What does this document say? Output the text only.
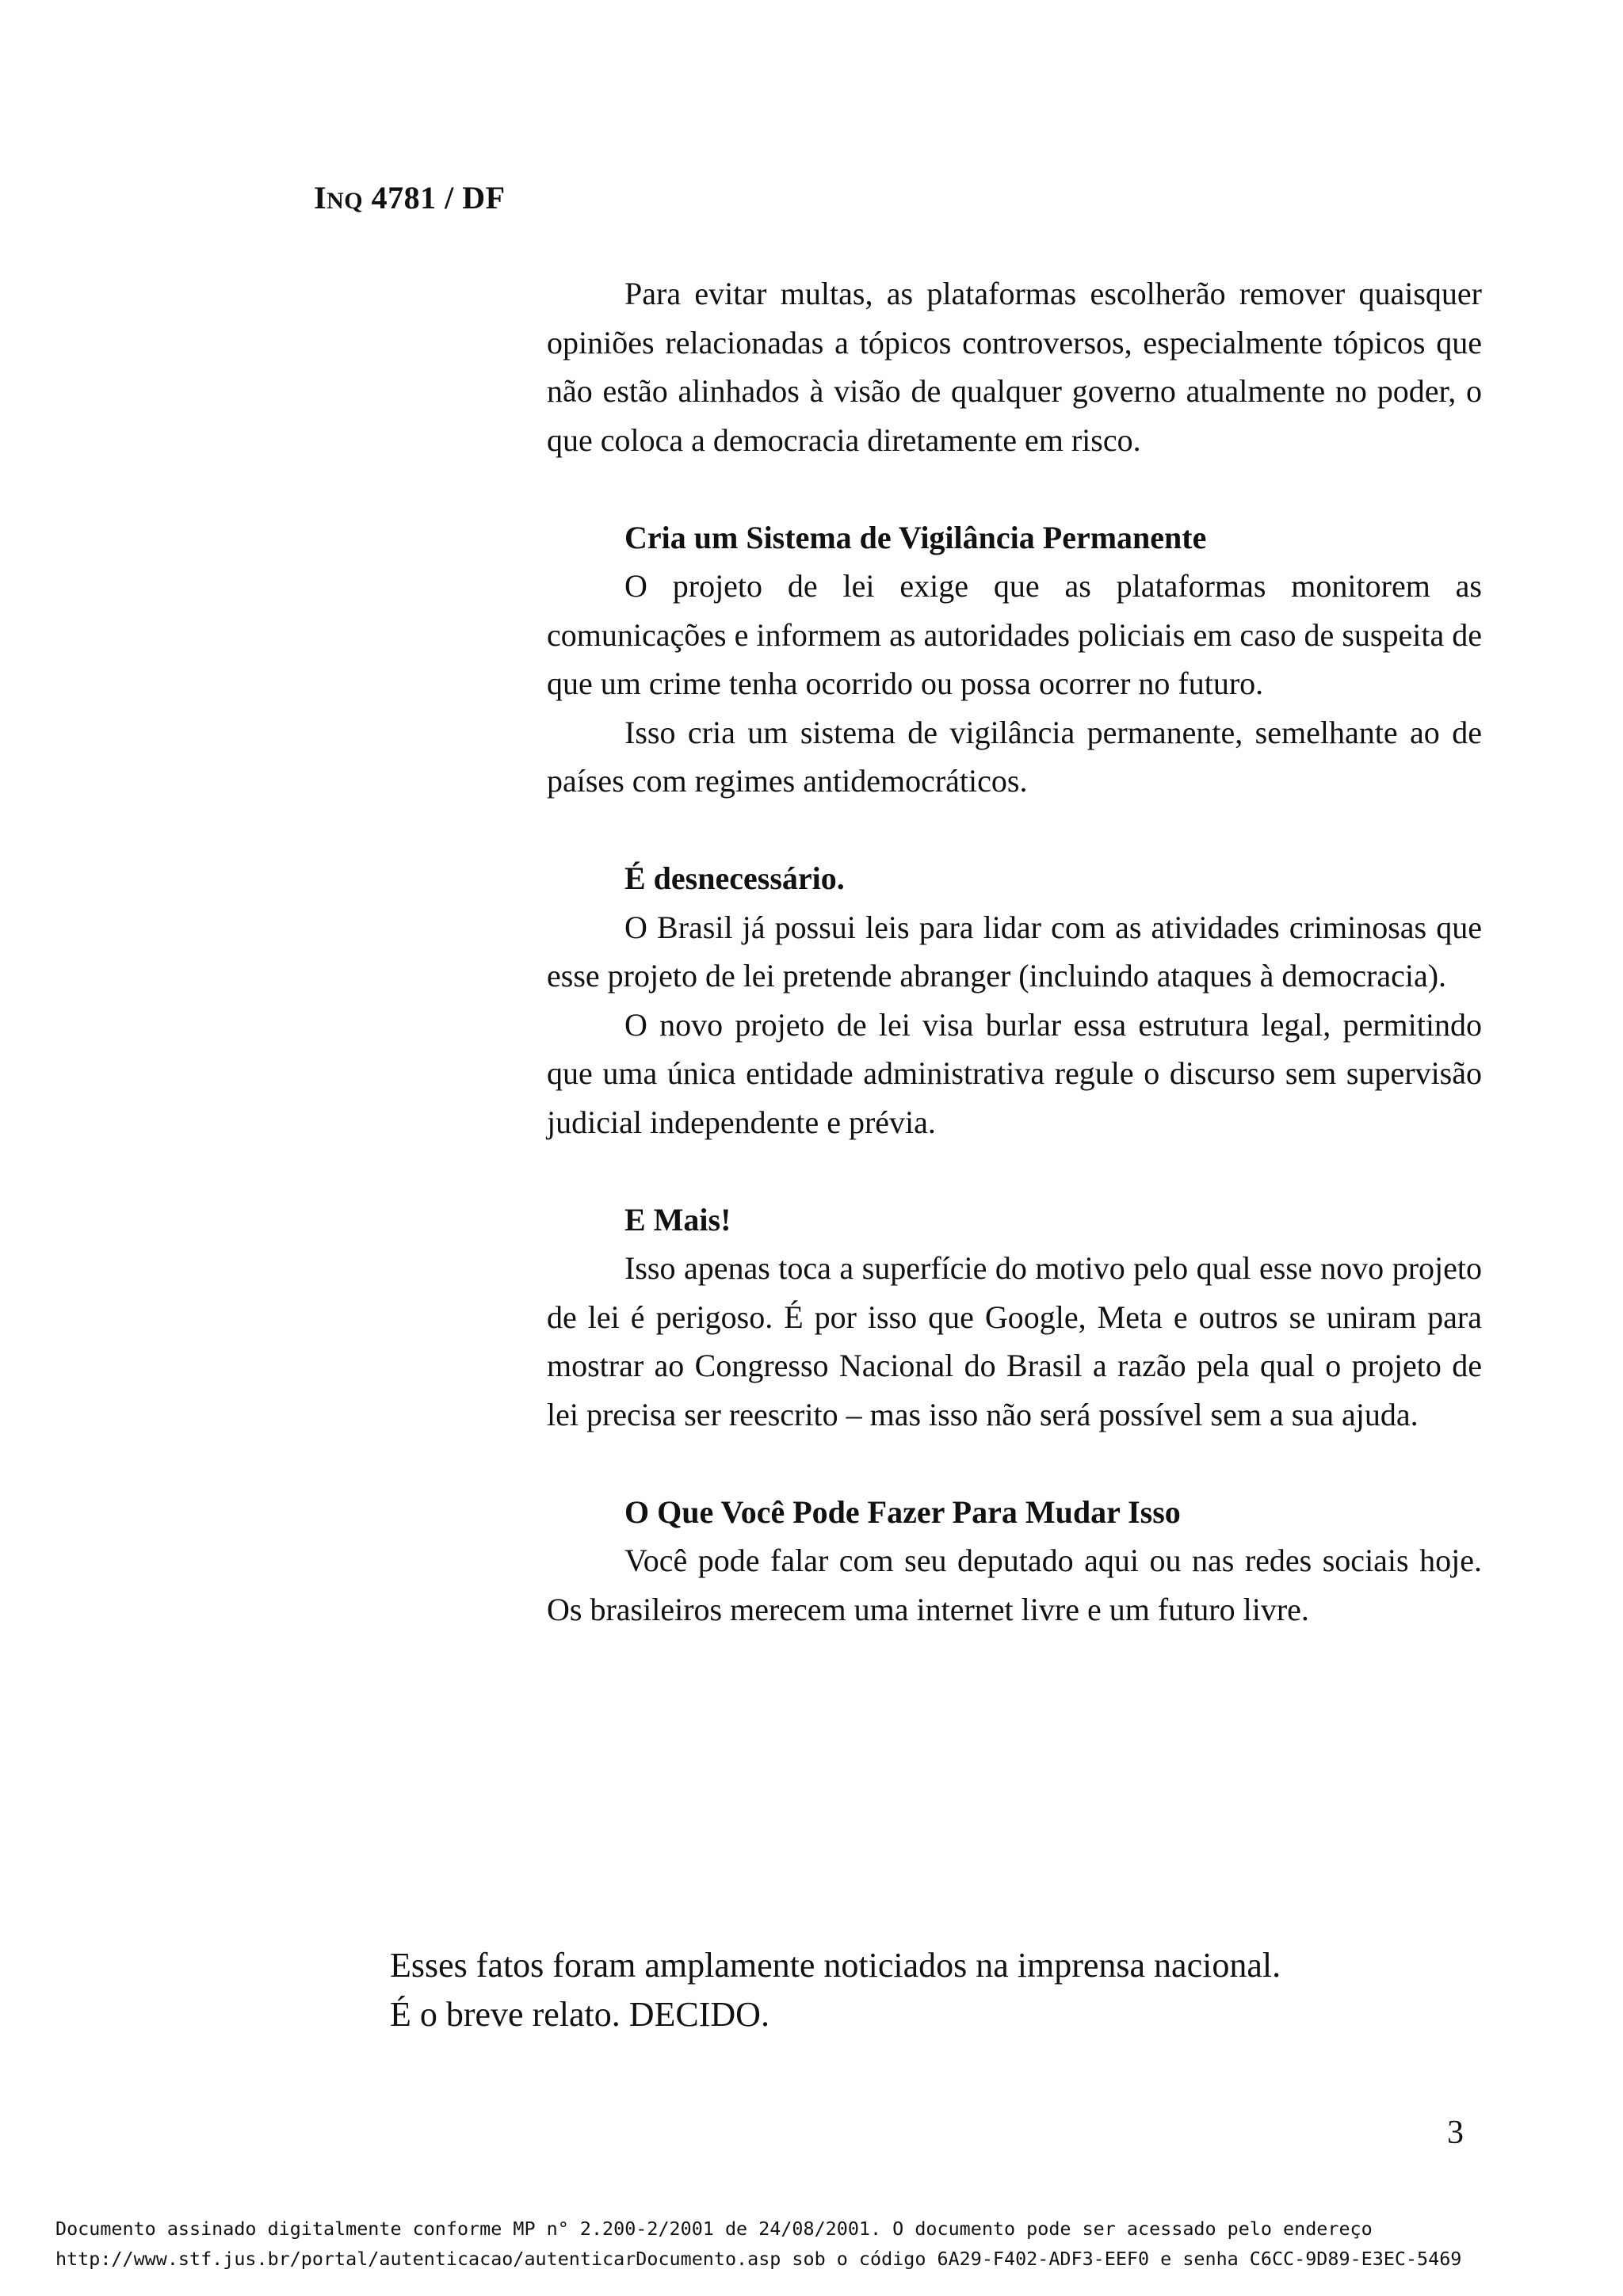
INQ 4781 / DF

Para evitar multas, as plataformas escolherão remover quaisquer opiniões relacionadas a tópicos controversos, especialmente tópicos que não estão alinhados à visão de qualquer governo atualmente no poder, o que coloca a democracia diretamente em risco.

Cria um Sistema de Vigilância Permanente

O projeto de lei exige que as plataformas monitorem as comunicações e informem as autoridades policiais em caso de suspeita de que um crime tenha ocorrido ou possa ocorrer no futuro.

Isso cria um sistema de vigilância permanente, semelhante ao de países com regimes antidemocráticos.

É desnecessário.

O Brasil já possui leis para lidar com as atividades criminosas que esse projeto de lei pretende abranger (incluindo ataques à democracia).

O novo projeto de lei visa burlar essa estrutura legal, permitindo que uma única entidade administrativa regule o discurso sem supervisão judicial independente e prévia.

E Mais!

Isso apenas toca a superfície do motivo pelo qual esse novo projeto de lei é perigoso. É por isso que Google, Meta e outros se uniram para mostrar ao Congresso Nacional do Brasil a razão pela qual o projeto de lei precisa ser reescrito – mas isso não será possível sem a sua ajuda.

O Que Você Pode Fazer Para Mudar Isso

Você pode falar com seu deputado aqui ou nas redes sociais hoje. Os brasileiros merecem uma internet livre e um futuro livre.

Esses fatos foram amplamente noticiados na imprensa nacional.

É o breve relato. DECIDO.

3
Documento assinado digitalmente conforme MP n° 2.200-2/2001 de 24/08/2001. O documento pode ser acessado pelo endereço
http://www.stf.jus.br/portal/autenticacao/autenticarDocumento.asp sob o código 6A29-F402-ADF3-EEF0 e senha C6CC-9D89-E3EC-5469
